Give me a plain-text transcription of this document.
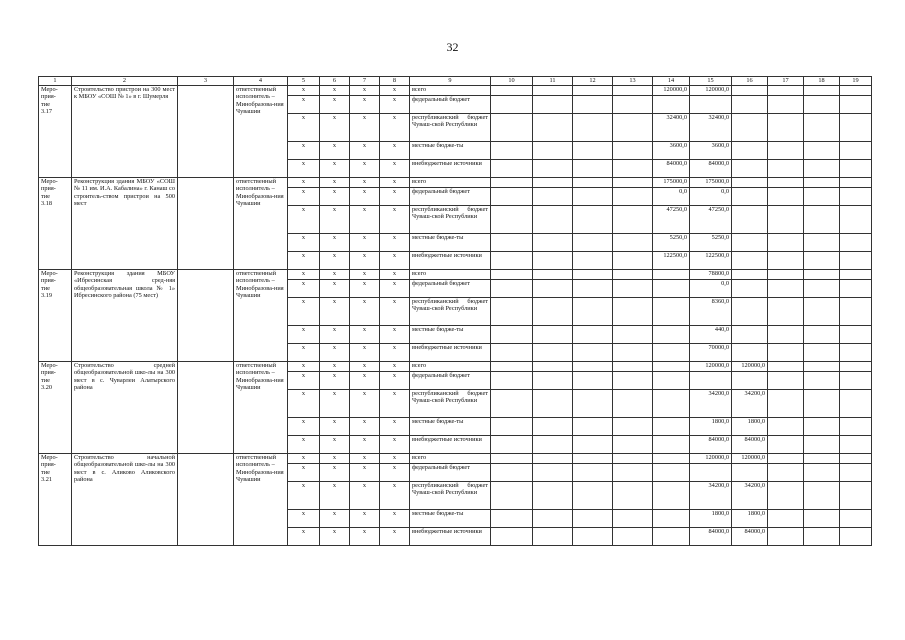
32
1	2	3	4	5	6	7	8	9	10	11	12	13	14	15	16	17	18	19
Меро-
прия-
тие
3.17	Строительство пристрои на 300 мест к МБОУ «СОШ № 1» в г. Шумерля		ответственный исполнитель – Минобразова-ния Чувашии	x	x	x	x	всего					120000,0	120000,0				
				x	x	x	x	федеральный бюджет										
				x	x	x	x	республиканский бюджет Чуваш-ской Республики					32400,0	32400,0				
				x	x	x	x	местные бюдже-ты					3600,0	3600,0				
				x	x	x	x	внебюджетные источники					84000,0	84000,0				
Меро-
прия-
тие
3.18	Реконструкция здания МБОУ «СОШ № 11 им. И.А. Кабалина» г. Канаш со строитель-ством пристрои на 500 мест		ответственный исполнитель – Минобразова-ния Чувашии	x	x	x	x	всего					175000,0	175000,0				
				x	x	x	x	федеральный бюджет					0,0	0,0				
				x	x	x	x	республиканский бюджет Чуваш-ской Республики					47250,0	47250,0				
				x	x	x	x	местные бюдже-ты					5250,0	5250,0				
				x	x	x	x	внебюджетные источники					122500,0	122500,0				
Меро-
прия-
тие
3.19	Реконструкция здания МБОУ «Ибресинская сред-няя общеобразовательная школа № 1» Ибресинского района (75 мест)		ответственный исполнитель – Минобразова-ния Чувашии	x	x	x	x	всего						78800,0				
				x	x	x	x	федеральный бюджет						0,0				
				x	x	x	x	республиканский бюджет Чуваш-ской Республики						8360,0				
				x	x	x	x	местные бюдже-ты						440,0				
				x	x	x	x	внебюджетные источники						70000,0				
Меро-
прия-
тие
3.20	Строительство средней общеобразовательной шко-лы на 300 мест в с. Чуварлеи Алатырского района		ответственный исполнитель – Минобразова-ния Чувашии	x	x	x	x	всего						120000,0	120000,0			
				x	x	x	x	федеральный бюджет										
				x	x	x	x	республиканский бюджет Чуваш-ской Республики						34200,0	34200,0			
				x	x	x	x	местные бюдже-ты						1800,0	1800,0			
				x	x	x	x	внебюджетные источники						84000,0	84000,0			
Меро-
прия-
тие
3.21	Строительство начальной общеобразовательной шко-лы на 300 мест в с. Аликово Аликовского района		ответственный исполнитель – Минобразова-ния Чувашии	x	x	x	x	всего						120000,0	120000,0			
				x	x	x	x	федеральный бюджет										
				x	x	x	x	республиканский бюджет Чуваш-ской Республики						34200,0	34200,0			
				x	x	x	x	местные бюдже-ты						1800,0	1800,0			
				x	x	x	x	внебюджетные источники						84000,0	84000,0			
